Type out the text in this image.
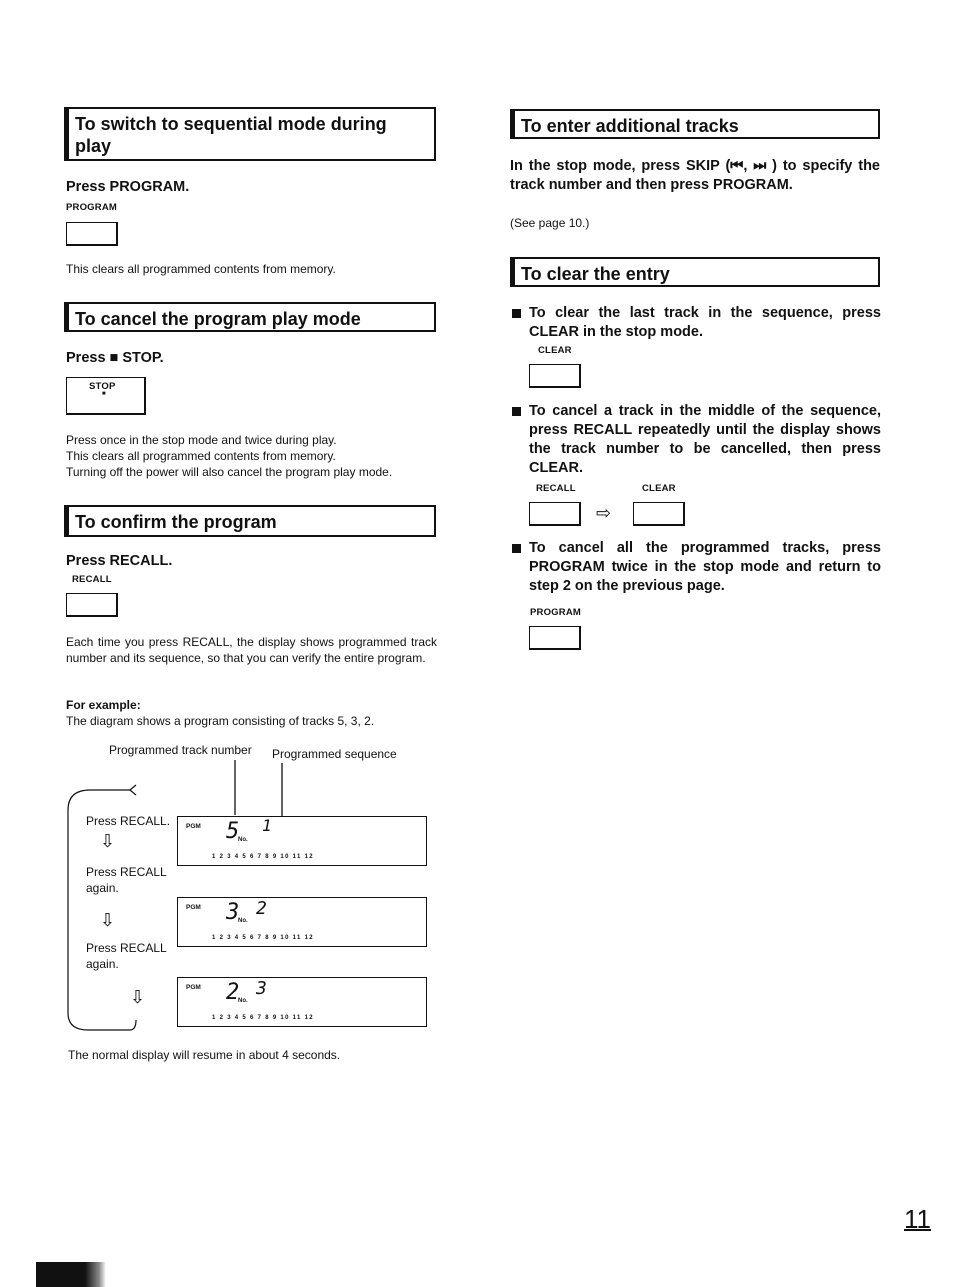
To switch to sequential mode during play
Press PROGRAM.
PROGRAM
This clears all programmed contents from memory.
To cancel the program play mode
Press ■ STOP.
STOP
■
Press once in the stop mode and twice during play.
This clears all programmed contents from memory.
Turning off the power will also cancel the program play mode.
To confirm the program
Press RECALL.
RECALL
Each time you press RECALL, the display shows programmed track number and its sequence, so that you can verify the entire program.
For example:
The diagram shows a program consisting of tracks 5, 3, 2.
Programmed track number Programmed sequence
Press RECALL.
⇩
PGM 5 1
No.
1 2 3 4 5 6 7 8 9 10 11 12
Press RECALL again.
⇩
PGM 3 2
No.
1 2 3 4 5 6 7 8 9 10 11 12
Press RECALL again.
⇩	PGM 2 3
No.
1 2 3 4 5 6 7 8 9 10 11 12
The normal display will resume in about 4 seconds.
To enter additional tracks
In the stop mode, press SKIP (⏮, ⏭ ) to specify the track number and then press PROGRAM.
(See page 10.)
To clear the entry
To clear the last track in the sequence, press CLEAR in the stop mode.
CLEAR
To cancel a track in the middle of the sequence, press RECALL repeatedly until the display shows the track number to be cancelled, then press CLEAR.
RECALL	CLEAR
⇨
To cancel all the programmed tracks, press PROGRAM twice in the stop mode and return to step 2 on the previous page.
PROGRAM
11
